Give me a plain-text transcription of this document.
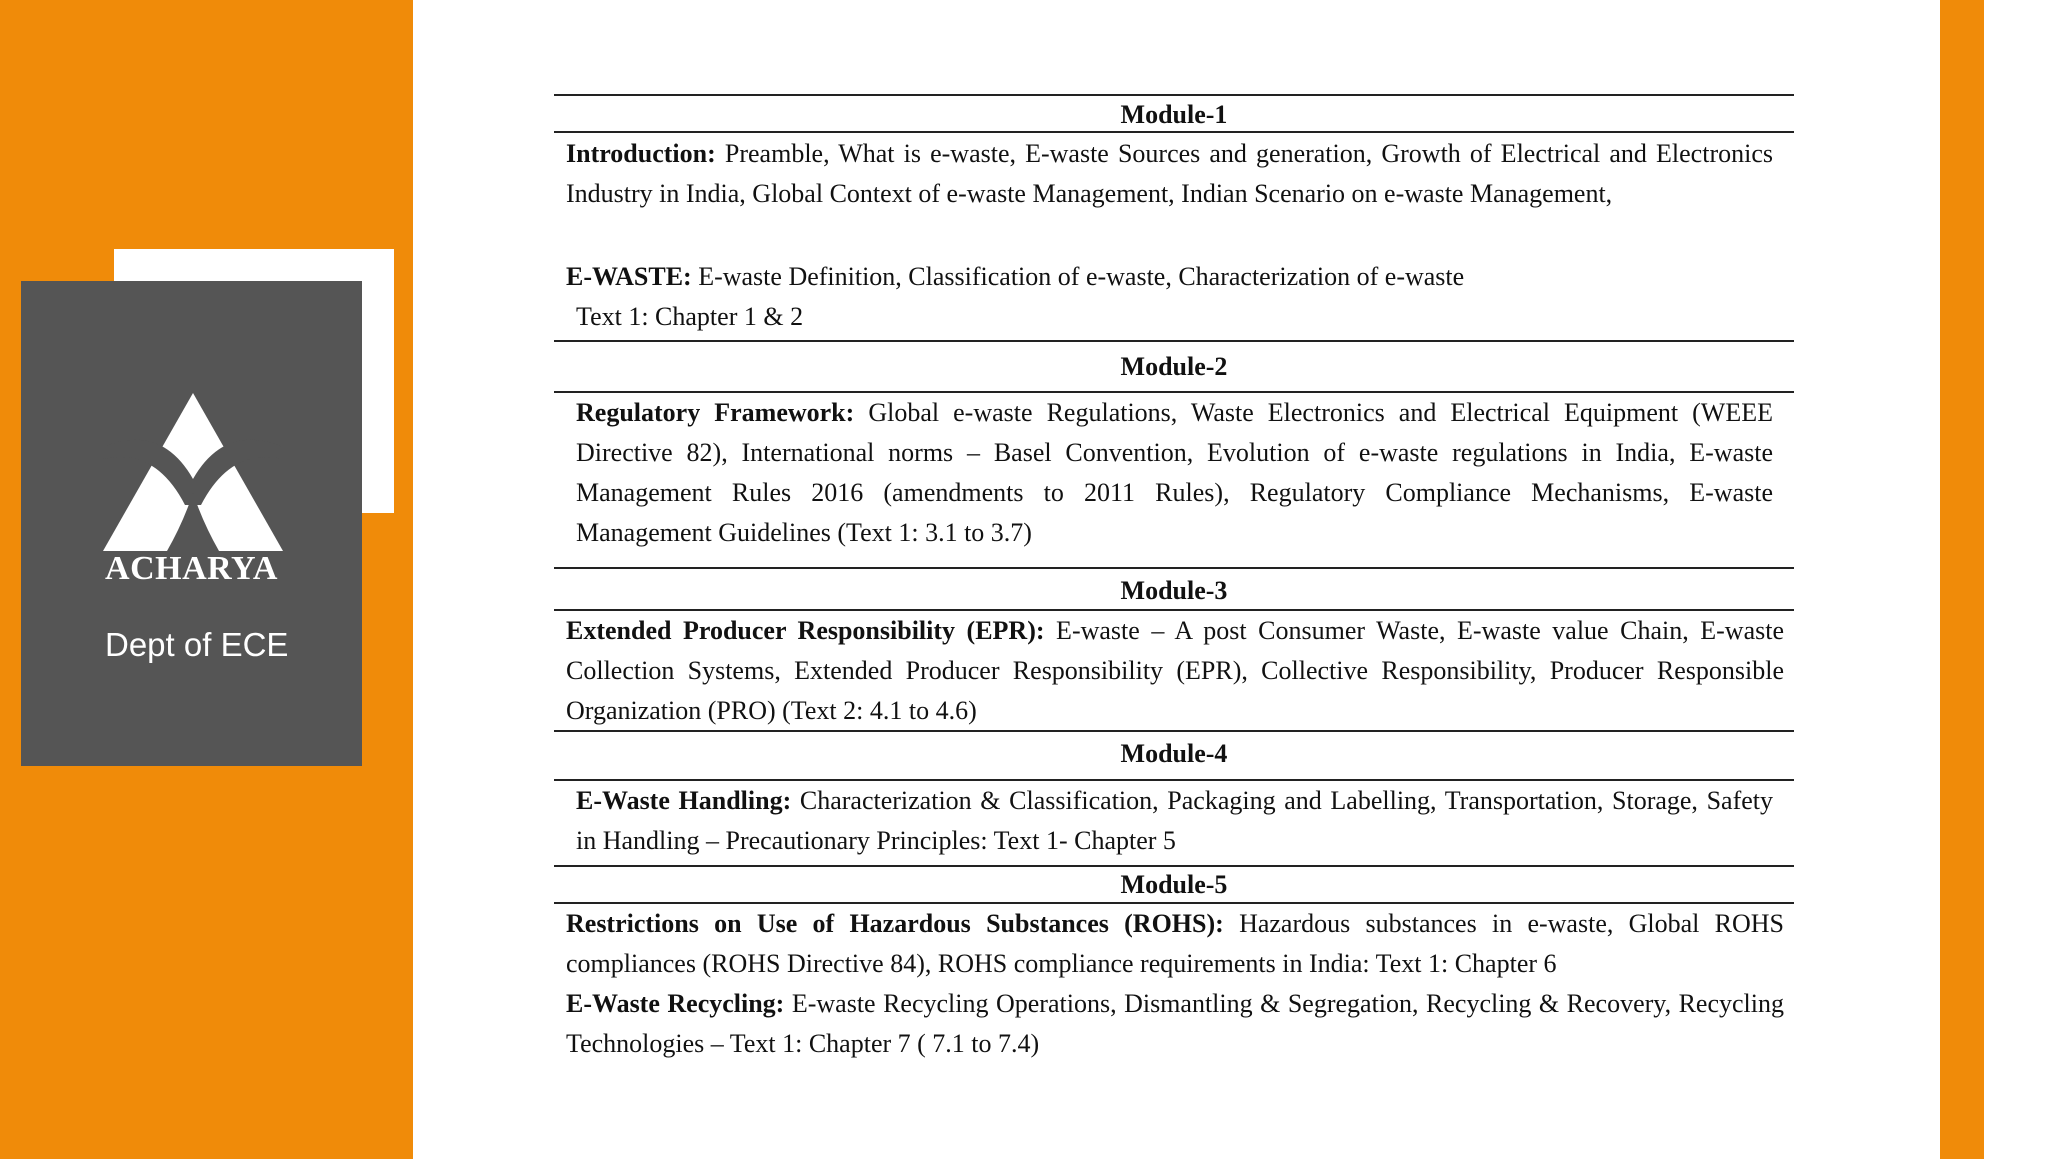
ACHARYA
Dept of ECE
Module-1
Introduction: Preamble, What is e-waste, E-waste Sources and generation, Growth of Electrical and Electronics Industry in India, Global Context of e-waste Management, Indian Scenario on e-waste Management,
E-WASTE: E-waste Definition, Classification of e-waste, Characterization of e-waste
Text 1: Chapter 1 & 2
Module-2
Regulatory Framework: Global e-waste Regulations, Waste Electronics and Electrical Equipment (WEEE Directive 82), International norms – Basel Convention, Evolution of e-waste regulations in India, E-waste Management Rules 2016 (amendments to 2011 Rules), Regulatory Compliance Mechanisms, E-waste Management Guidelines (Text 1: 3.1 to 3.7)
Module-3
Extended Producer Responsibility (EPR): E-waste – A post Consumer Waste, E-waste value Chain, E-waste Collection Systems, Extended Producer Responsibility (EPR), Collective Responsibility, Producer Responsible Organization (PRO) (Text 2: 4.1 to 4.6)
Module-4
E-Waste Handling: Characterization & Classification, Packaging and Labelling, Transportation, Storage, Safety in Handling – Precautionary Principles: Text 1- Chapter 5
Module-5
Restrictions on Use of Hazardous Substances (ROHS): Hazardous substances in e-waste, Global ROHS compliances (ROHS Directive 84), ROHS compliance requirements in India: Text 1: Chapter 6
E-Waste Recycling: E-waste Recycling Operations, Dismantling & Segregation, Recycling & Recovery, Recycling Technologies – Text 1: Chapter 7 ( 7.1 to 7.4)
